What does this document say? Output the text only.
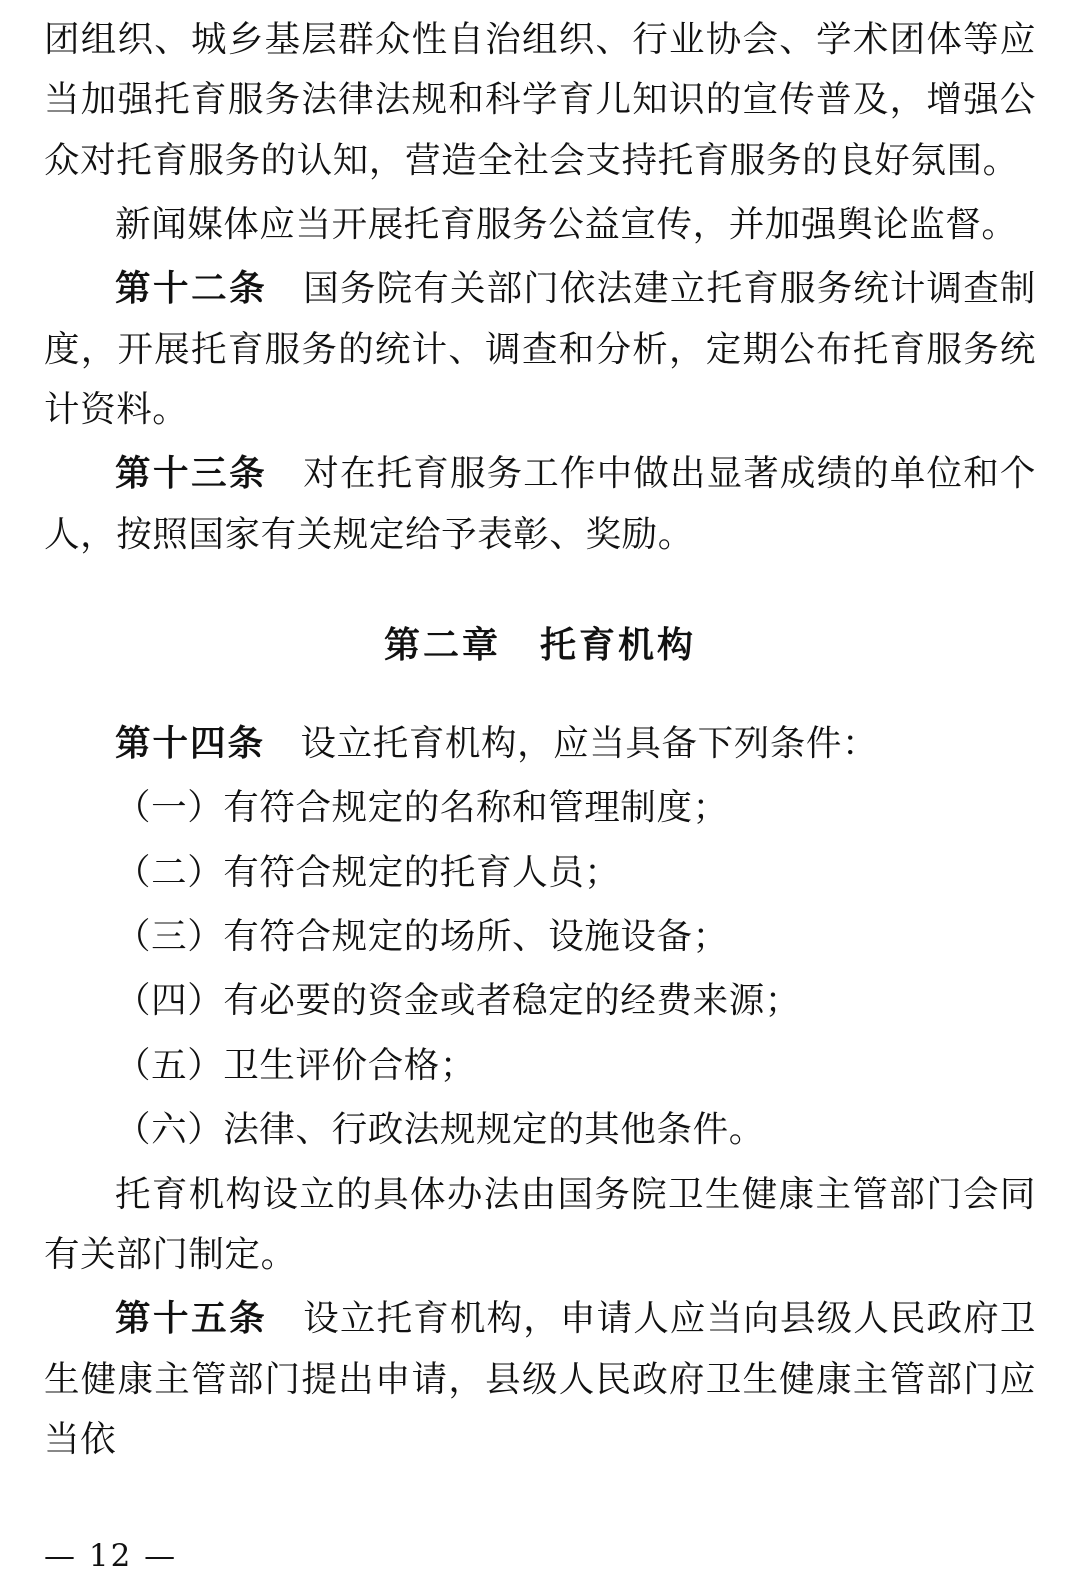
团组织、城乡基层群众性自治组织、行业协会、学术团体等应当加强托育服务法律法规和科学育儿知识的宣传普及，增强公众对托育服务的认知，营造全社会支持托育服务的良好氛围。

新闻媒体应当开展托育服务公益宣传，并加强舆论监督。

第十二条 国务院有关部门依法建立托育服务统计调查制度，开展托育服务的统计、调查和分析，定期公布托育服务统计资料。

第十三条 对在托育服务工作中做出显著成绩的单位和个人，按照国家有关规定给予表彰、奖励。

第二章　托育机构

第十四条 设立托育机构，应当具备下列条件：

（一）有符合规定的名称和管理制度；

（二）有符合规定的托育人员；

（三）有符合规定的场所、设施设备；

（四）有必要的资金或者稳定的经费来源；

（五）卫生评价合格；

（六）法律、行政法规规定的其他条件。

托育机构设立的具体办法由国务院卫生健康主管部门会同有关部门制定。

第十五条 设立托育机构，申请人应当向县级人民政府卫生健康主管部门提出申请，县级人民政府卫生健康主管部门应当依

— 12 —
